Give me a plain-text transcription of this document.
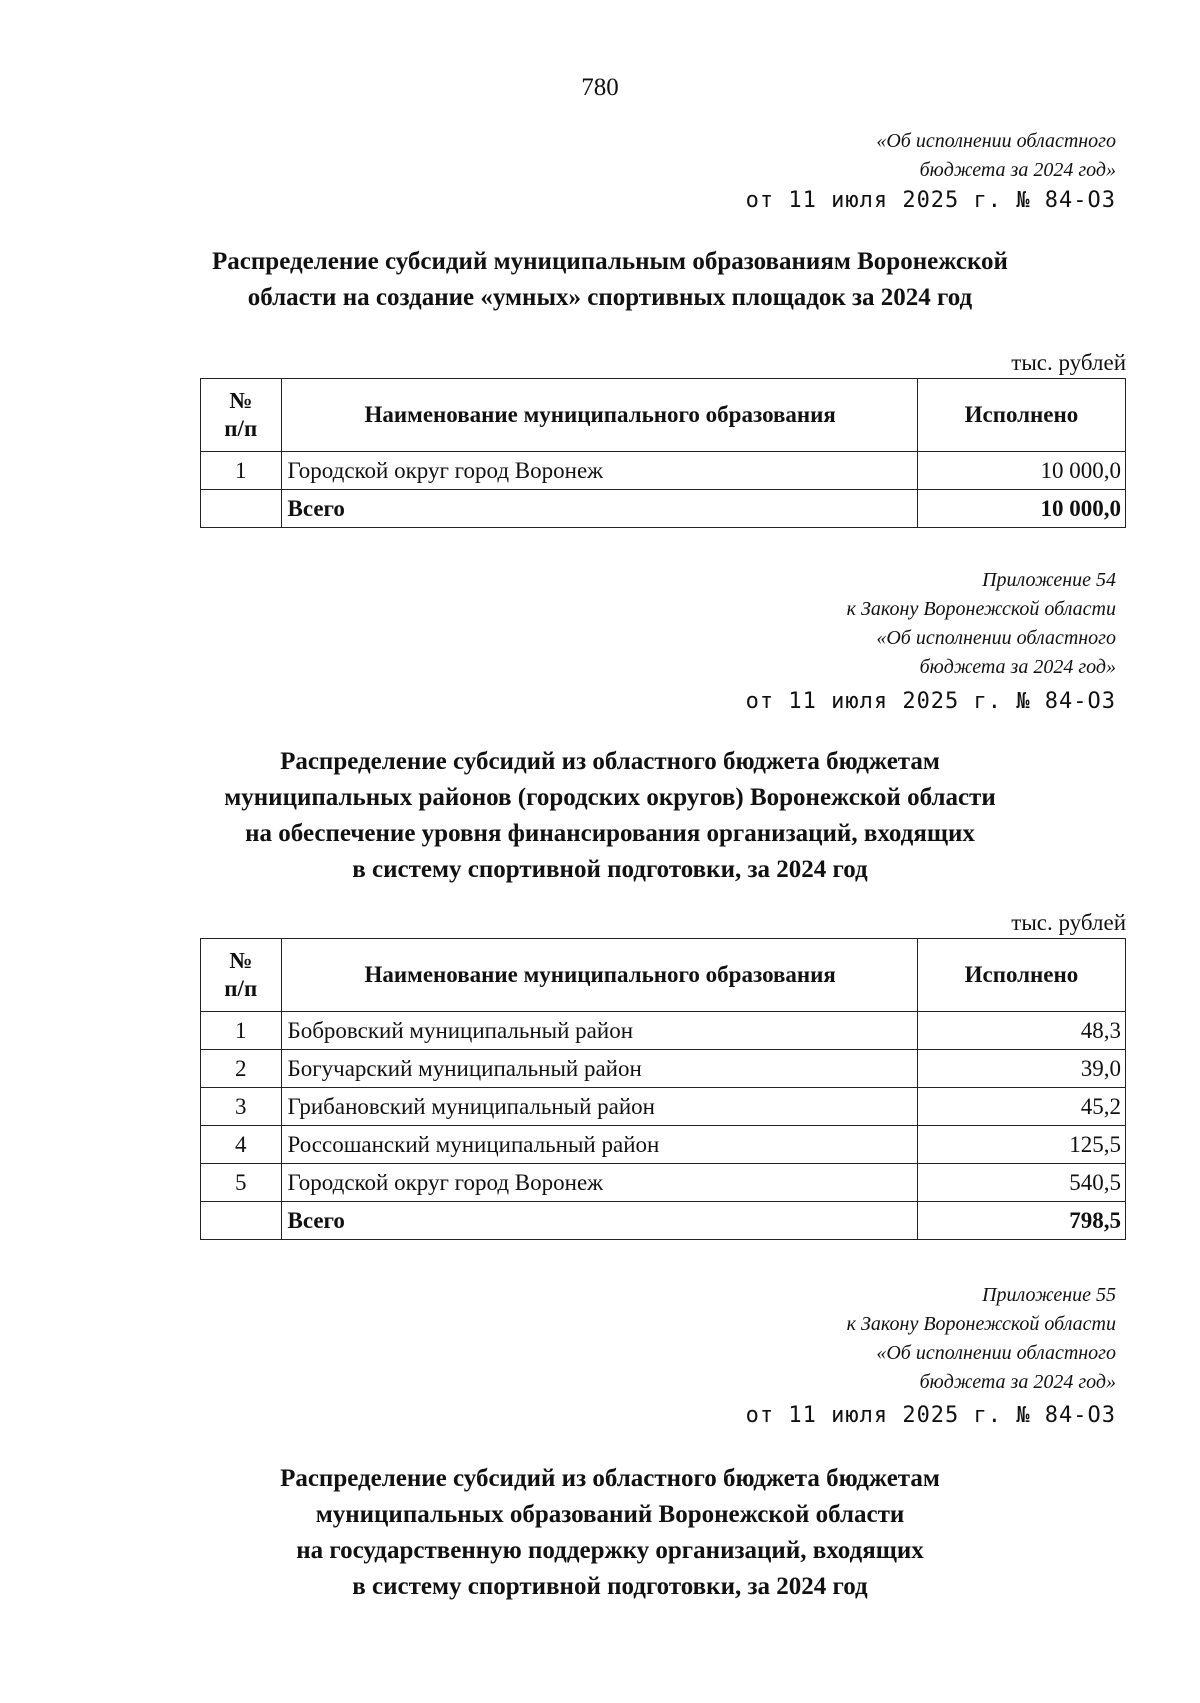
780
«Об исполнении областного
бюджета за 2024 год»
от 11 июля 2025 г. № 84-ОЗ
Распределение субсидий муниципальным образованиям Воронежской
области на создание «умных» спортивных площадок за 2024 год
тыс. рублей
№
п/п	Наименование муниципального образования	Исполнено
1	Городской округ город Воронеж	10 000,0
	Всего	10 000,0
Приложение 54
к Закону Воронежской области
«Об исполнении областного
бюджета за 2024 год»
от 11 июля 2025 г. № 84-ОЗ
Распределение субсидий из областного бюджета бюджетам
муниципальных районов (городских округов) Воронежской области
на обеспечение уровня финансирования организаций, входящих
в систему спортивной подготовки, за 2024 год
тыс. рублей
№
п/п	Наименование муниципального образования	Исполнено
1	Бобровский муниципальный район	48,3
2	Богучарский муниципальный район	39,0
3	Грибановский муниципальный район	45,2
4	Россошанский муниципальный район	125,5
5	Городской округ город Воронеж	540,5
	Всего	798,5
Приложение 55
к Закону Воронежской области
«Об исполнении областного
бюджета за 2024 год»
от 11 июля 2025 г. № 84-ОЗ
Распределение субсидий из областного бюджета бюджетам
муниципальных образований Воронежской области
на государственную поддержку организаций, входящих
в систему спортивной подготовки, за 2024 год
